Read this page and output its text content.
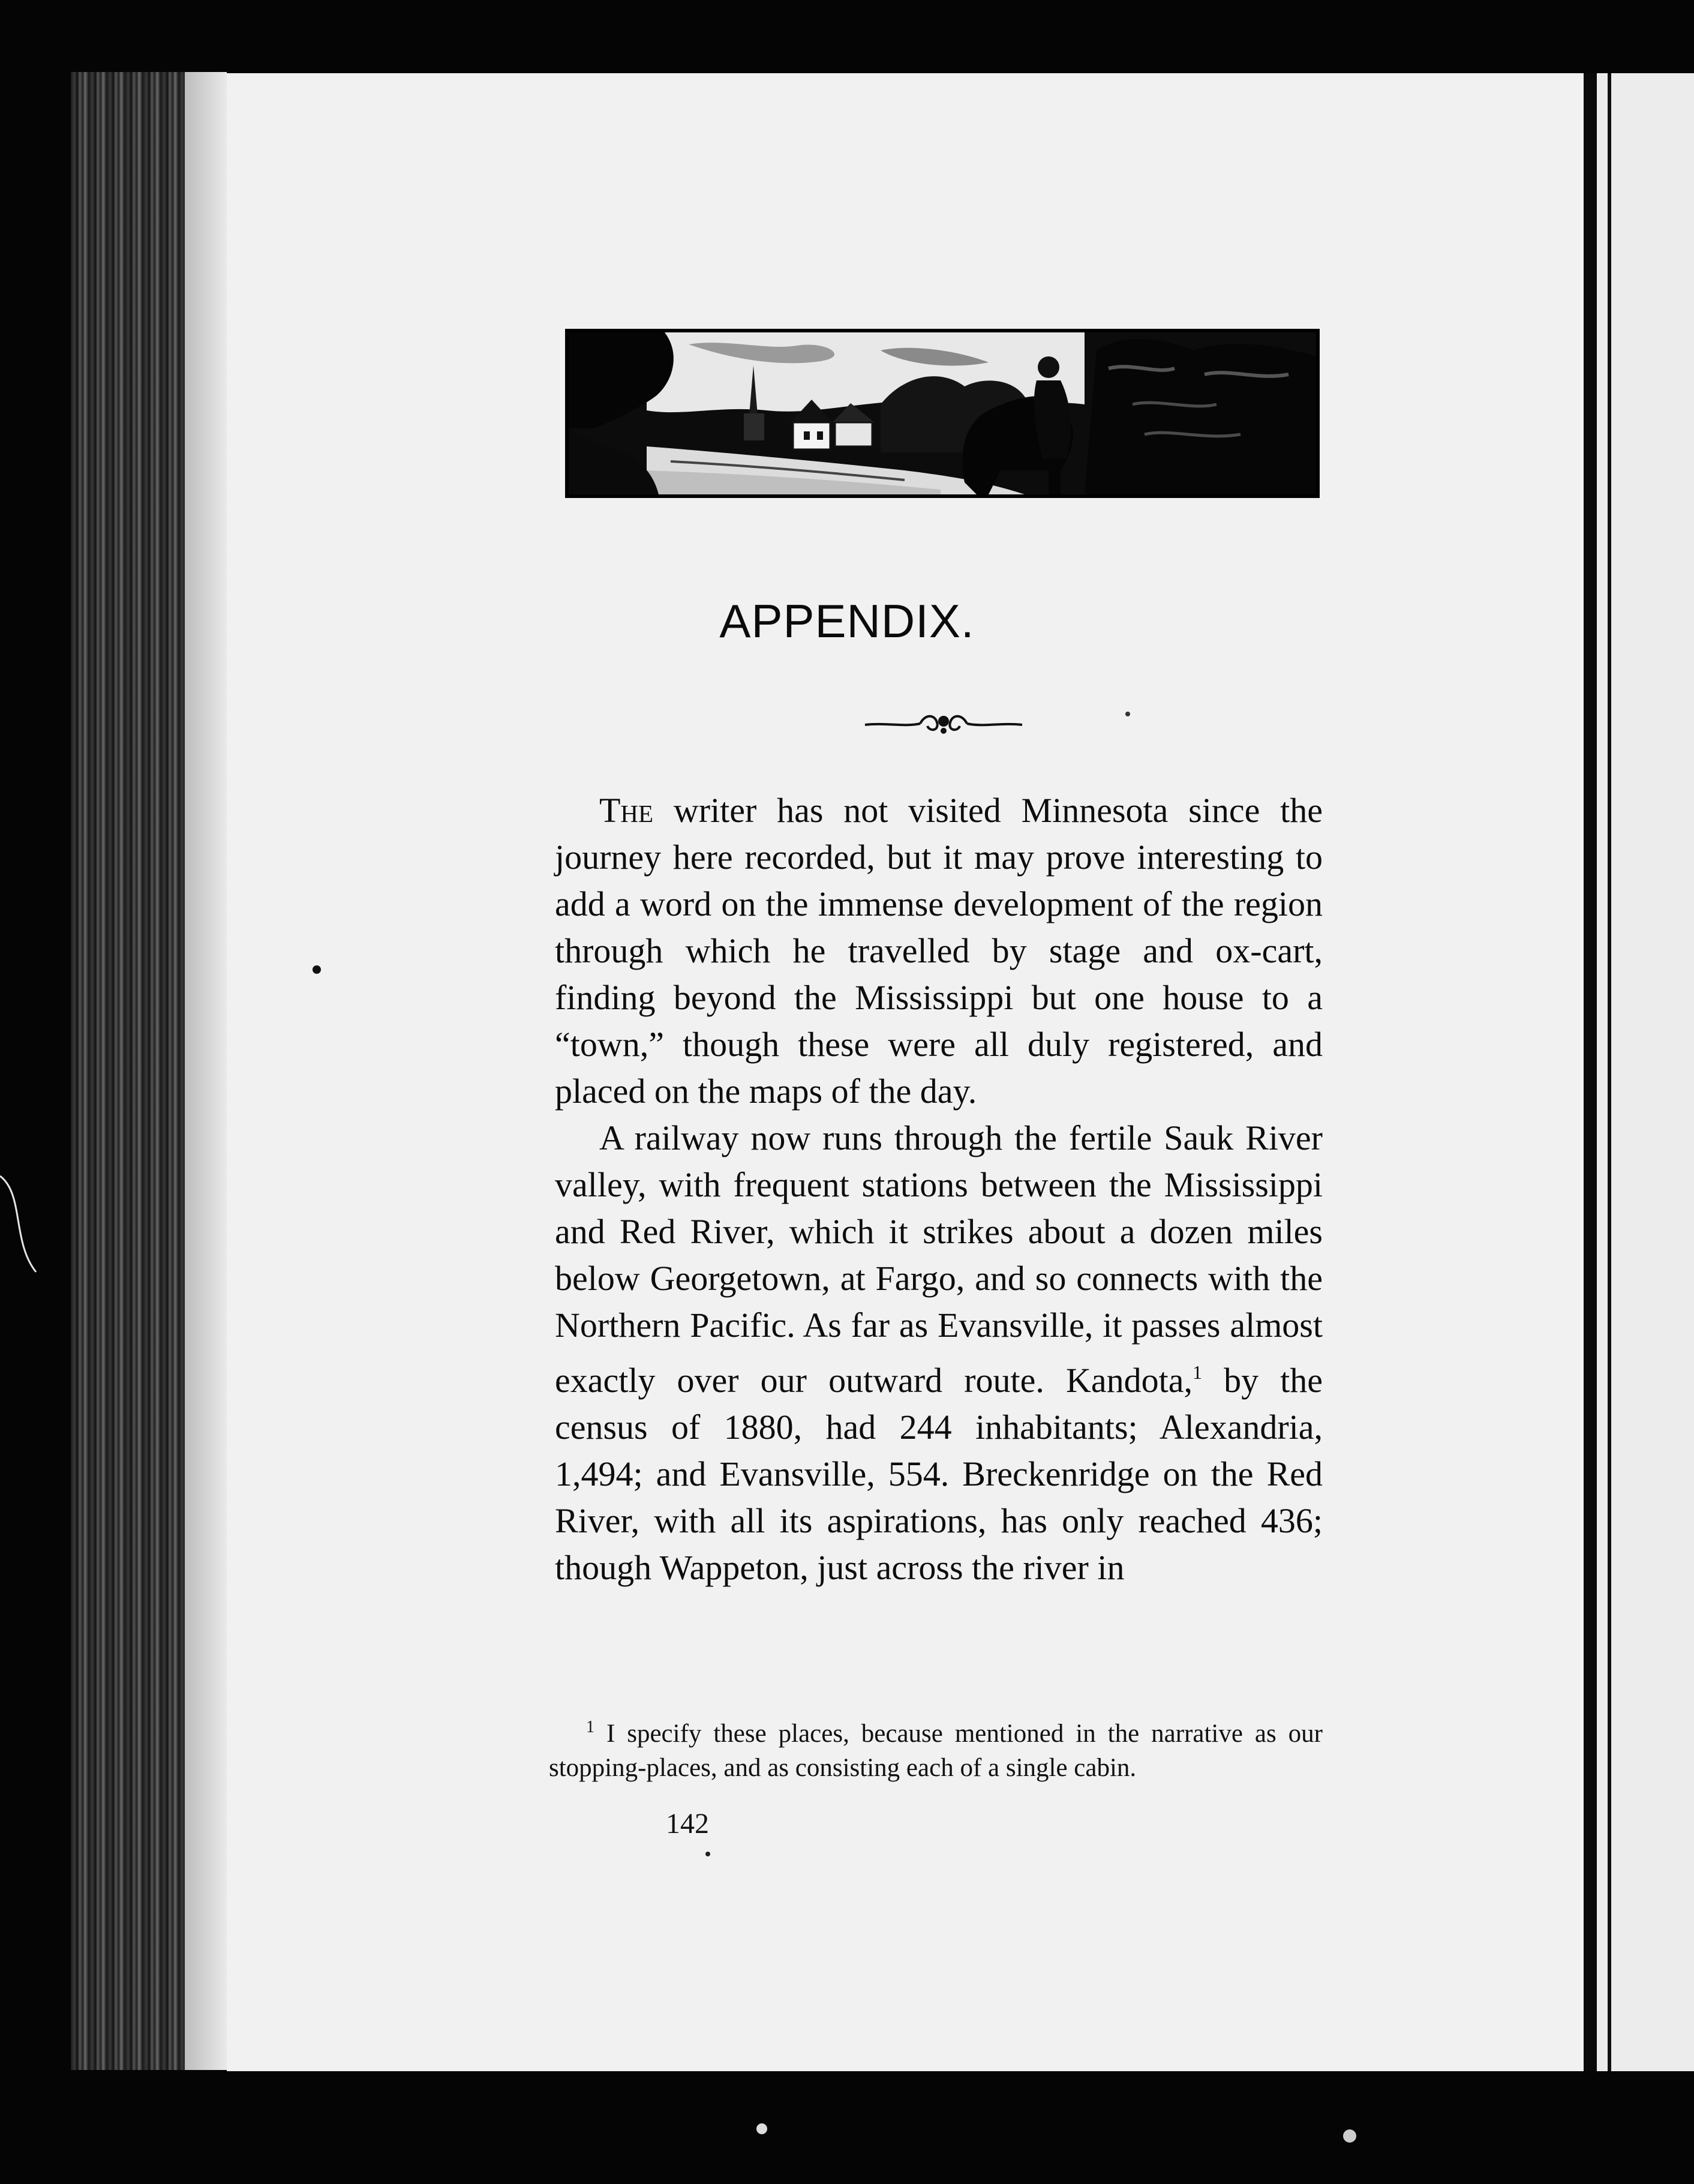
APPENDIX.

The writer has not visited Minnesota since the journey here recorded, but it may prove interesting to add a word on the immense development of the region through which he travelled by stage and ox-cart, finding beyond the Mississippi but one house to a “town,” though these were all duly registered, and placed on the maps of the day.

A railway now runs through the fertile Sauk River valley, with frequent stations between the Mississippi and Red River, which it strikes about a dozen miles below Georgetown, at Fargo, and so connects with the Northern Pacific. As far as Evansville, it passes almost exactly over our outward route. Kandota,$^1$ by the census of 1880, had 244 inhabitants; Alexandria, 1,494; and Evansville, 554. Breckenridge on the Red River, with all its aspirations, has only reached 436; though Wappeton, just across the river in

$^1$ I specify these places, because mentioned in the narrative as our stopping-places, and as consisting each of a single cabin.

142
